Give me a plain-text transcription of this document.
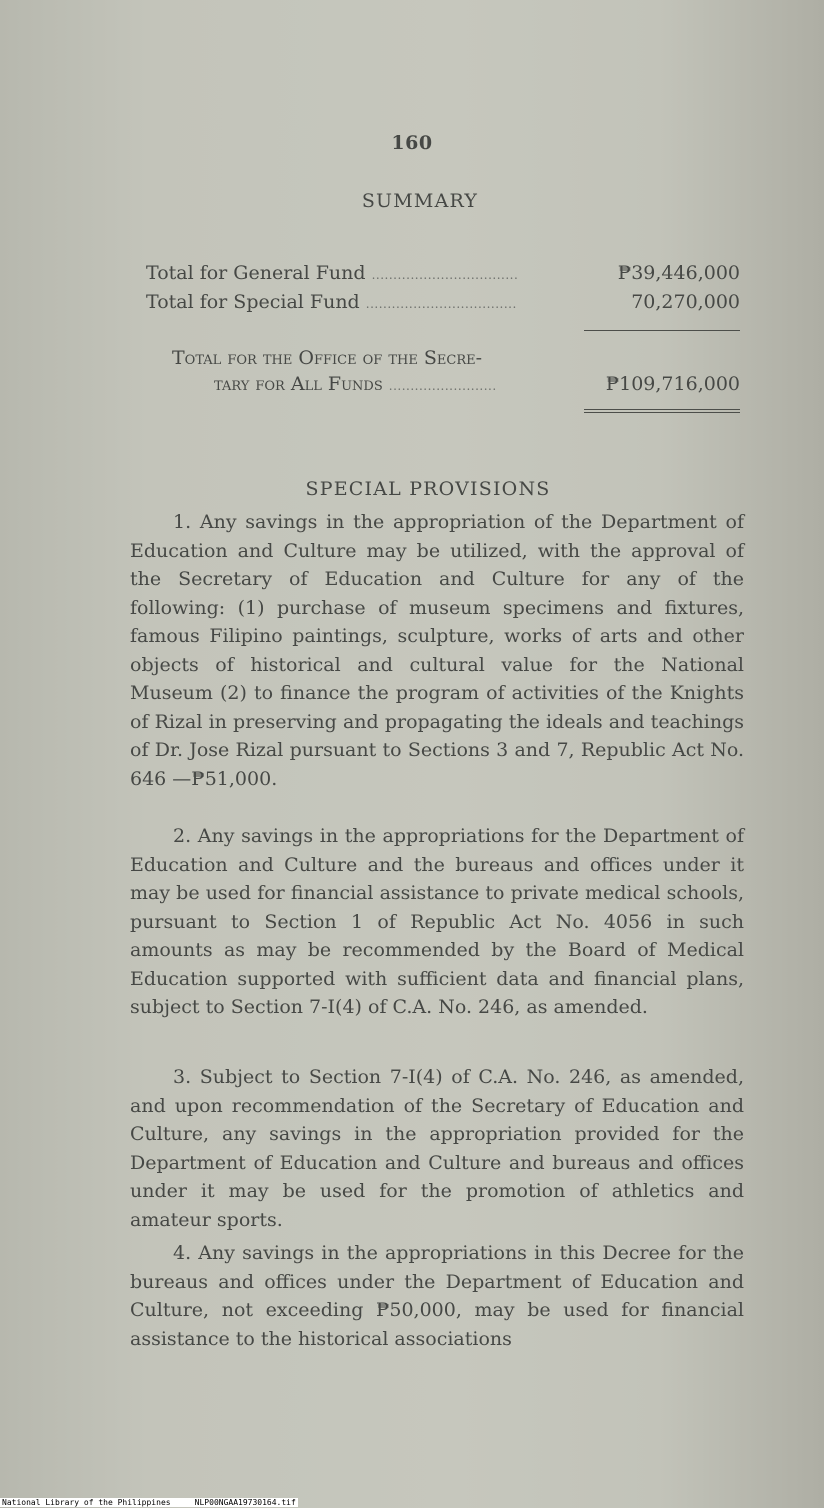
160
SUMMARY
Total for General Fund ..................................	₱39,446,000
Total for Special Fund ...................................	70,270,000
Total for the Office of the Secre-
tary for All Funds .........................	₱109,716,000
SPECIAL PROVISIONS

1. Any savings in the appropriation of the Department of Education and Culture may be utilized, with the approval of the Secretary of Education and Culture for any of the following: (1) purchase of museum specimens and fixtures, famous Filipino paintings, sculpture, works of arts and other objects of historical and cultural value for the National Museum (2) to finance the program of activities of the Knights of Rizal in preserving and propagating the ideals and teachings of Dr. Jose Rizal pursuant to Sections 3 and 7, Republic Act No. 646 —₱51,000.

2. Any savings in the appropriations for the Department of Education and Culture and the bureaus and offices under it may be used for financial assistance to private medical schools, pursuant to Section 1 of Republic Act No. 4056 in such amounts as may be recommended by the Board of Medical Education supported with sufficient data and financial plans, subject to Section 7-I(4) of C.A. No. 246, as amended.

3. Subject to Section 7-I(4) of C.A. No. 246, as amended, and upon recommendation of the Secretary of Education and Culture, any savings in the appropriation provided for the Department of Education and Culture and bureaus and offices under it may be used for the promotion of athletics and amateur sports.

4. Any savings in the appropriations in this Decree for the bureaus and offices under the Department of Education and Culture, not exceeding ₱50,000, may be used for financial assistance to the historical associations

National Library of the Philippines	NLP00NGAA19730164.tif
